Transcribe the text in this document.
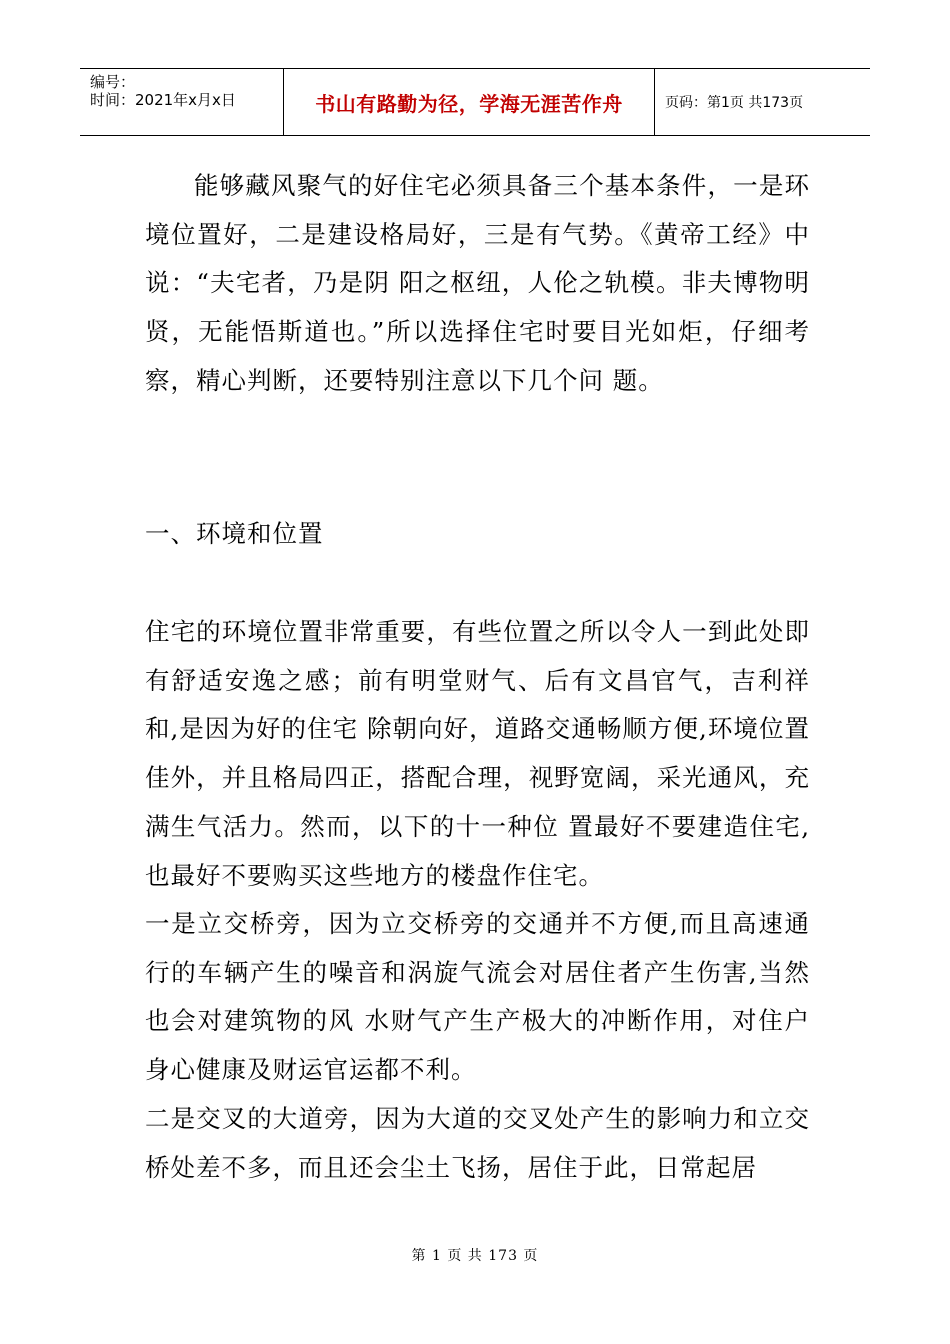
编号：
时间：2021年x月x日	书山有路勤为径，学海无涯苦作舟	页码：第1页 共173页

能够藏风聚气的好住宅必须具备三个基本条件，一是环境位置好，二是建设格局好，三是有气势。《黄帝工经》中说：“夫宅者，乃是阴 阳之枢纽，人伦之轨模。非夫博物明贤，无能悟斯道也。”所以选择住宅时要目光如炬，仔细考察，精心判断，还要特别注意以下几个问 题。

一、环境和位置

住宅的环境位置非常重要，有些位置之所以令人一到此处即有舒适安逸之感；前有明堂财气、后有文昌官气，吉利祥和,是因为好的住宅 除朝向好，道路交通畅顺方便,环境位置佳外，并且格局四正，搭配合理，视野宽阔，采光通风，充满生气活力。然而，以下的十一种位 置最好不要建造住宅,也最好不要购买这些地方的楼盘作住宅。

一是立交桥旁，因为立交桥旁的交通并不方便,而且高速通行的车辆产生的噪音和涡旋气流会对居住者产生伤害,当然也会对建筑物的风 水财气产生产极大的冲断作用，对住户身心健康及财运官运都不利。

二是交叉的大道旁，因为大道的交叉处产生的影响力和立交桥处差不多，而且还会尘土飞扬，居住于此，日常起居

第 1 页 共 173 页
